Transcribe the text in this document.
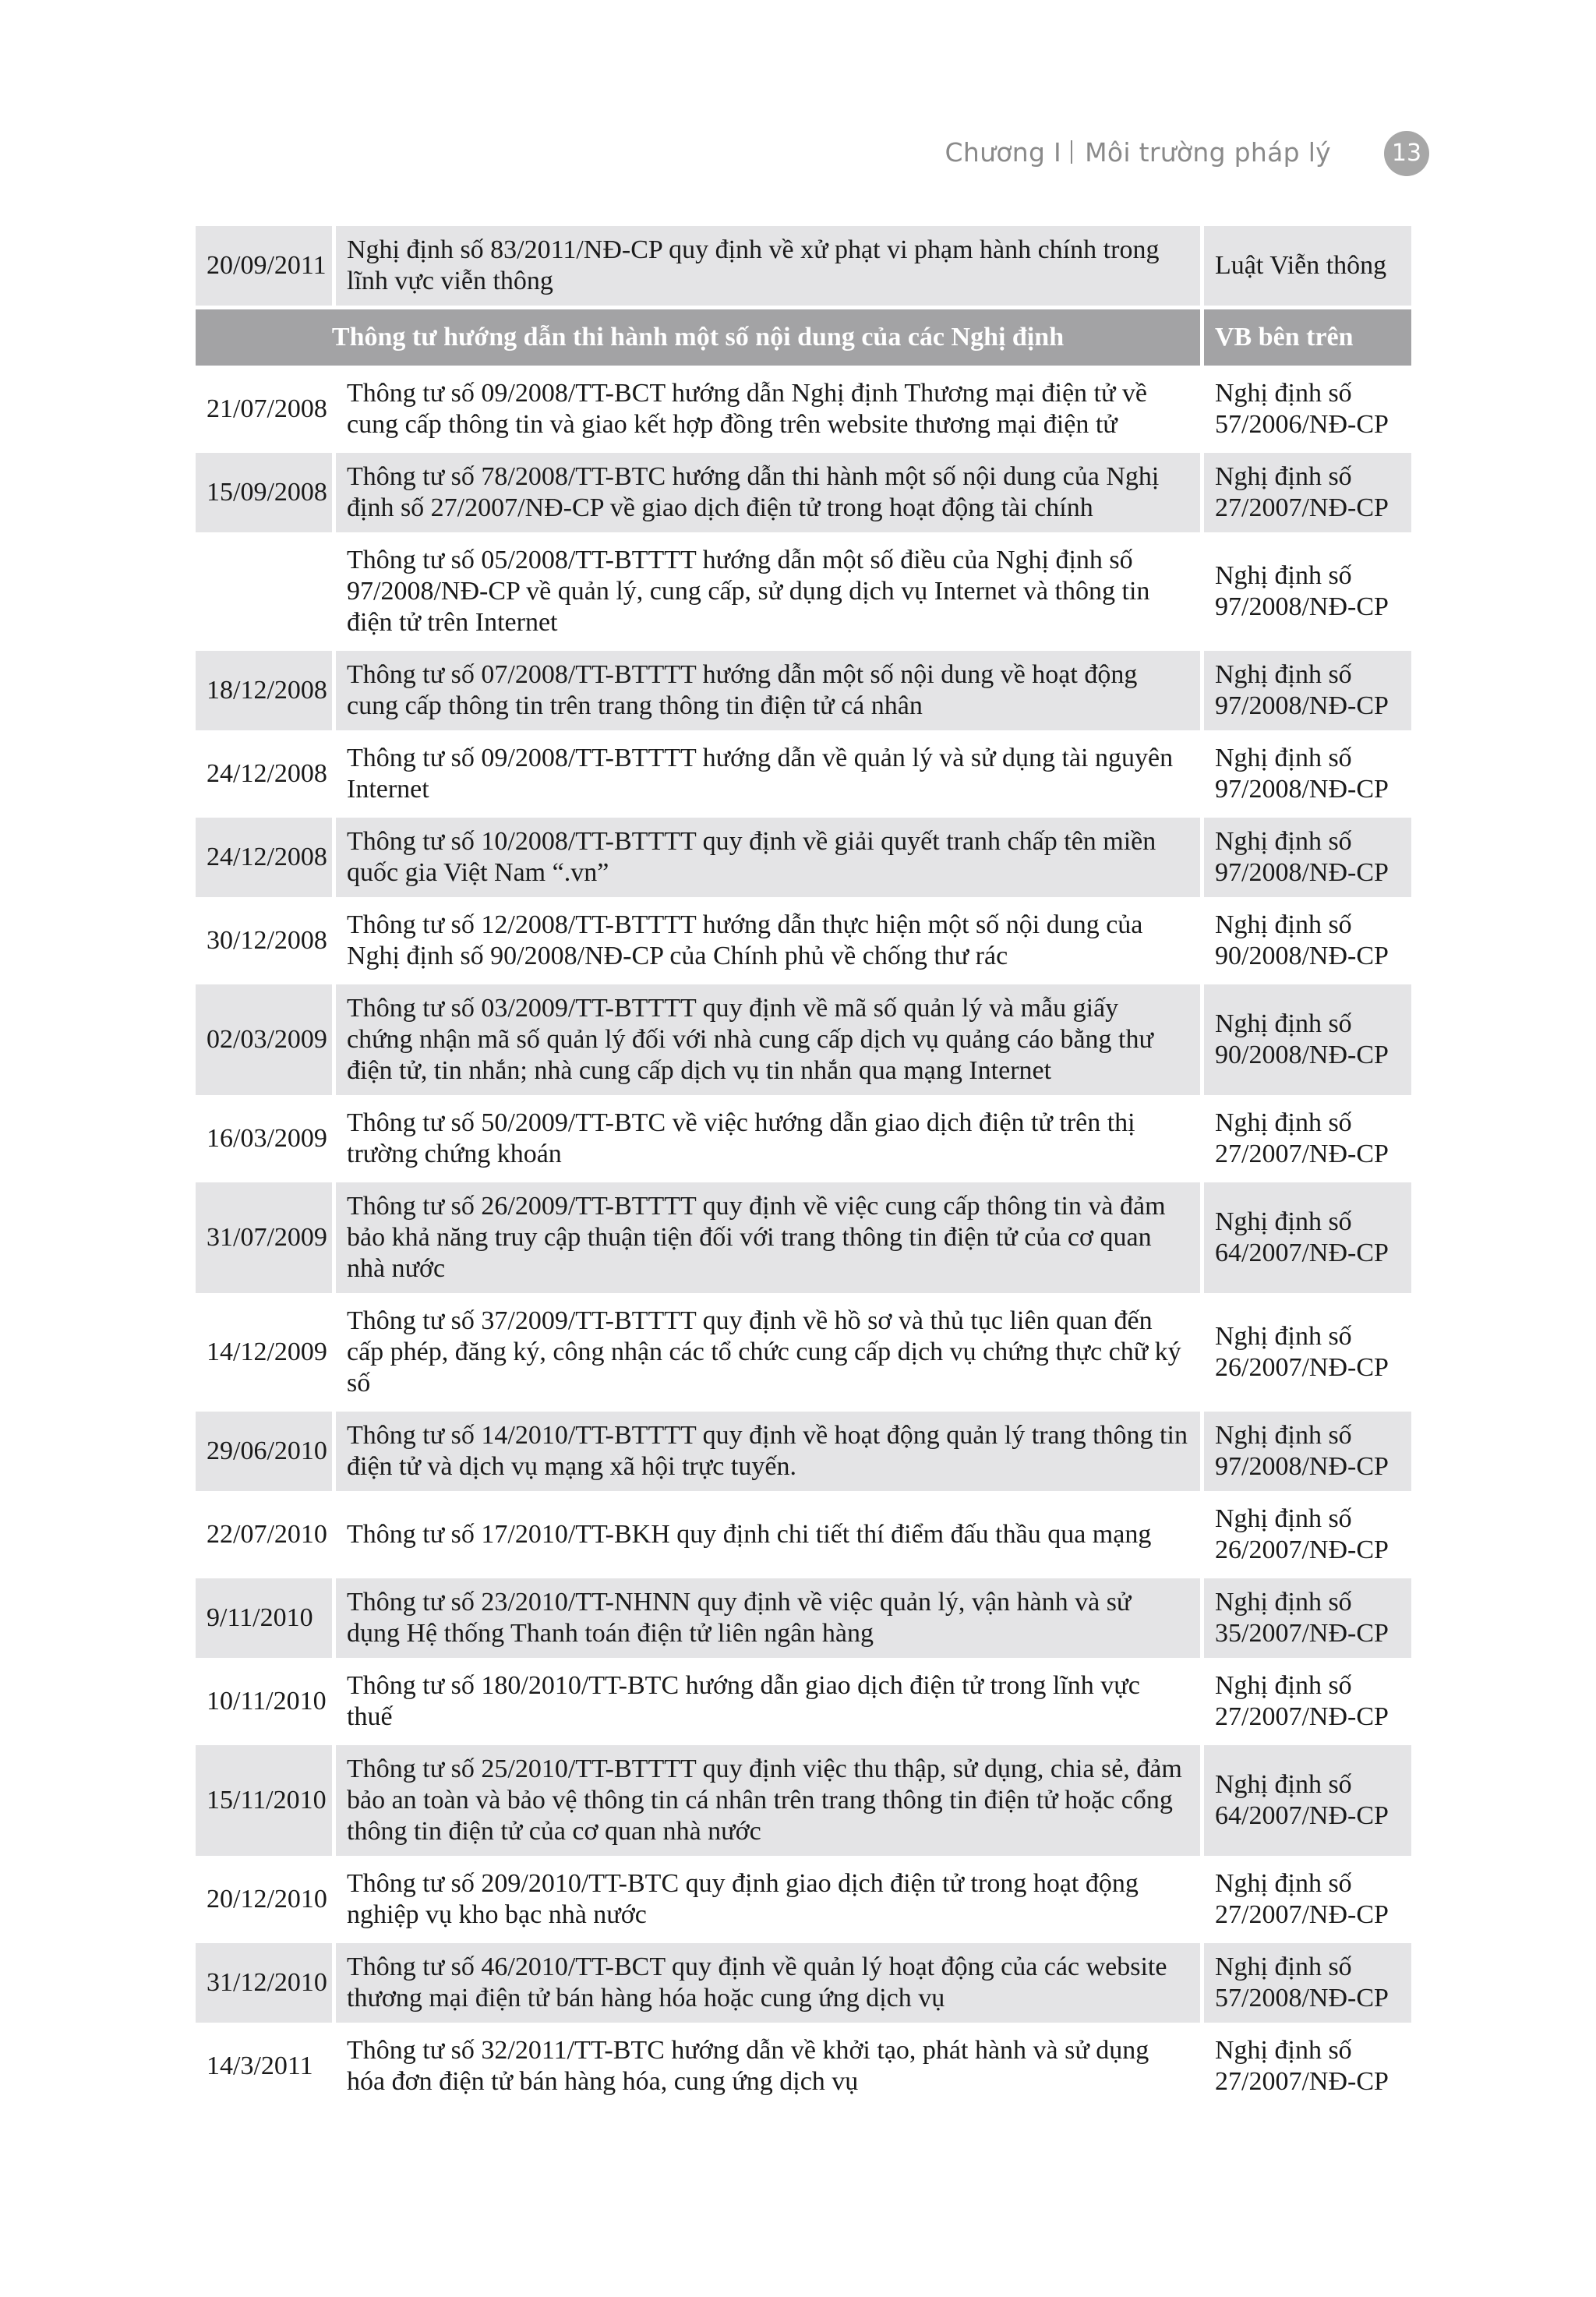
Chương I Môi trường pháp lý	13
20/09/2011	Nghị định số 83/2011/NĐ-CP quy định về xử phạt vi phạm hành chính trong lĩnh vực viễn thông	Luật Viễn thông
Thông tư hướng dẫn thi hành một số nội dung của các Nghị định		VB bên trên
21/07/2008	Thông tư số 09/2008/TT-BCT hướng dẫn Nghị định Thương mại điện tử về cung cấp thông tin và giao kết hợp đồng trên website thương mại điện tử	Nghị định số 57/2006/NĐ-CP
15/09/2008	Thông tư số 78/2008/TT-BTC hướng dẫn thi hành một số nội dung của Nghị định số 27/2007/NĐ-CP về giao dịch điện tử trong hoạt động tài chính	Nghị định số 27/2007/NĐ-CP
	Thông tư số 05/2008/TT-BTTTT hướng dẫn một số điều của Nghị định số 97/2008/NĐ-CP về quản lý, cung cấp, sử dụng dịch vụ Internet và thông tin điện tử trên Internet	Nghị định số 97/2008/NĐ-CP
18/12/2008	Thông tư số 07/2008/TT-BTTTT hướng dẫn một số nội dung về hoạt động cung cấp thông tin trên trang thông tin điện tử cá nhân	Nghị định số 97/2008/NĐ-CP
24/12/2008	Thông tư số 09/2008/TT-BTTTT hướng dẫn về quản lý và sử dụng tài nguyên Internet	Nghị định số 97/2008/NĐ-CP
24/12/2008	Thông tư số 10/2008/TT-BTTTT quy định về giải quyết tranh chấp tên miền quốc gia Việt Nam “.vn”	Nghị định số 97/2008/NĐ-CP
30/12/2008	Thông tư số 12/2008/TT-BTTTT hướng dẫn thực hiện một số nội dung của Nghị định số 90/2008/NĐ-CP của Chính phủ về chống thư rác	Nghị định số 90/2008/NĐ-CP
02/03/2009	Thông tư số 03/2009/TT-BTTTT quy định về mã số quản lý và mẫu giấy chứng nhận mã số quản lý đối với nhà cung cấp dịch vụ quảng cáo bằng thư điện tử, tin nhắn; nhà cung cấp dịch vụ tin nhắn qua mạng Internet	Nghị định số 90/2008/NĐ-CP
16/03/2009	Thông tư số 50/2009/TT-BTC về việc hướng dẫn giao dịch điện tử trên thị trường chứng khoán	Nghị định số 27/2007/NĐ-CP
31/07/2009	Thông tư số 26/2009/TT-BTTTT quy định về việc cung cấp thông tin và đảm bảo khả năng truy cập thuận tiện đối với trang thông tin điện tử của cơ quan nhà nước	Nghị định số 64/2007/NĐ-CP
14/12/2009	Thông tư số 37/2009/TT-BTTTT quy định về hồ sơ và thủ tục liên quan đến cấp phép, đăng ký, công nhận các tổ chức cung cấp dịch vụ chứng thực chữ ký số	Nghị định số 26/2007/NĐ-CP
29/06/2010	Thông tư số 14/2010/TT-BTTTT quy định về hoạt động quản lý trang thông tin điện tử và dịch vụ mạng xã hội trực tuyến.	Nghị định số 97/2008/NĐ-CP
22/07/2010	Thông tư số 17/2010/TT-BKH quy định chi tiết thí điểm đấu thầu qua mạng	Nghị định số 26/2007/NĐ-CP
9/11/2010	Thông tư số 23/2010/TT-NHNN quy định về việc quản lý, vận hành và sử dụng Hệ thống Thanh toán điện tử liên ngân hàng	Nghị định số 35/2007/NĐ-CP
10/11/2010	Thông tư số 180/2010/TT-BTC hướng dẫn giao dịch điện tử trong lĩnh vực thuế	Nghị định số 27/2007/NĐ-CP
15/11/2010	Thông tư số 25/2010/TT-BTTTT quy định việc thu thập, sử dụng, chia sẻ, đảm bảo an toàn và bảo vệ thông tin cá nhân trên trang thông tin điện tử hoặc cổng thông tin điện tử của cơ quan nhà nước	Nghị định số 64/2007/NĐ-CP
20/12/2010	Thông tư số 209/2010/TT-BTC quy định giao dịch điện tử trong hoạt động nghiệp vụ kho bạc nhà nước	Nghị định số 27/2007/NĐ-CP
31/12/2010	Thông tư số 46/2010/TT-BCT quy định về quản lý hoạt động của các website thương mại điện tử bán hàng hóa hoặc cung ứng dịch vụ	Nghị định số 57/2008/NĐ-CP
14/3/2011	Thông tư số 32/2011/TT-BTC hướng dẫn về khởi tạo, phát hành và sử dụng hóa đơn điện tử bán hàng hóa, cung ứng dịch vụ	Nghị định số 27/2007/NĐ-CP
